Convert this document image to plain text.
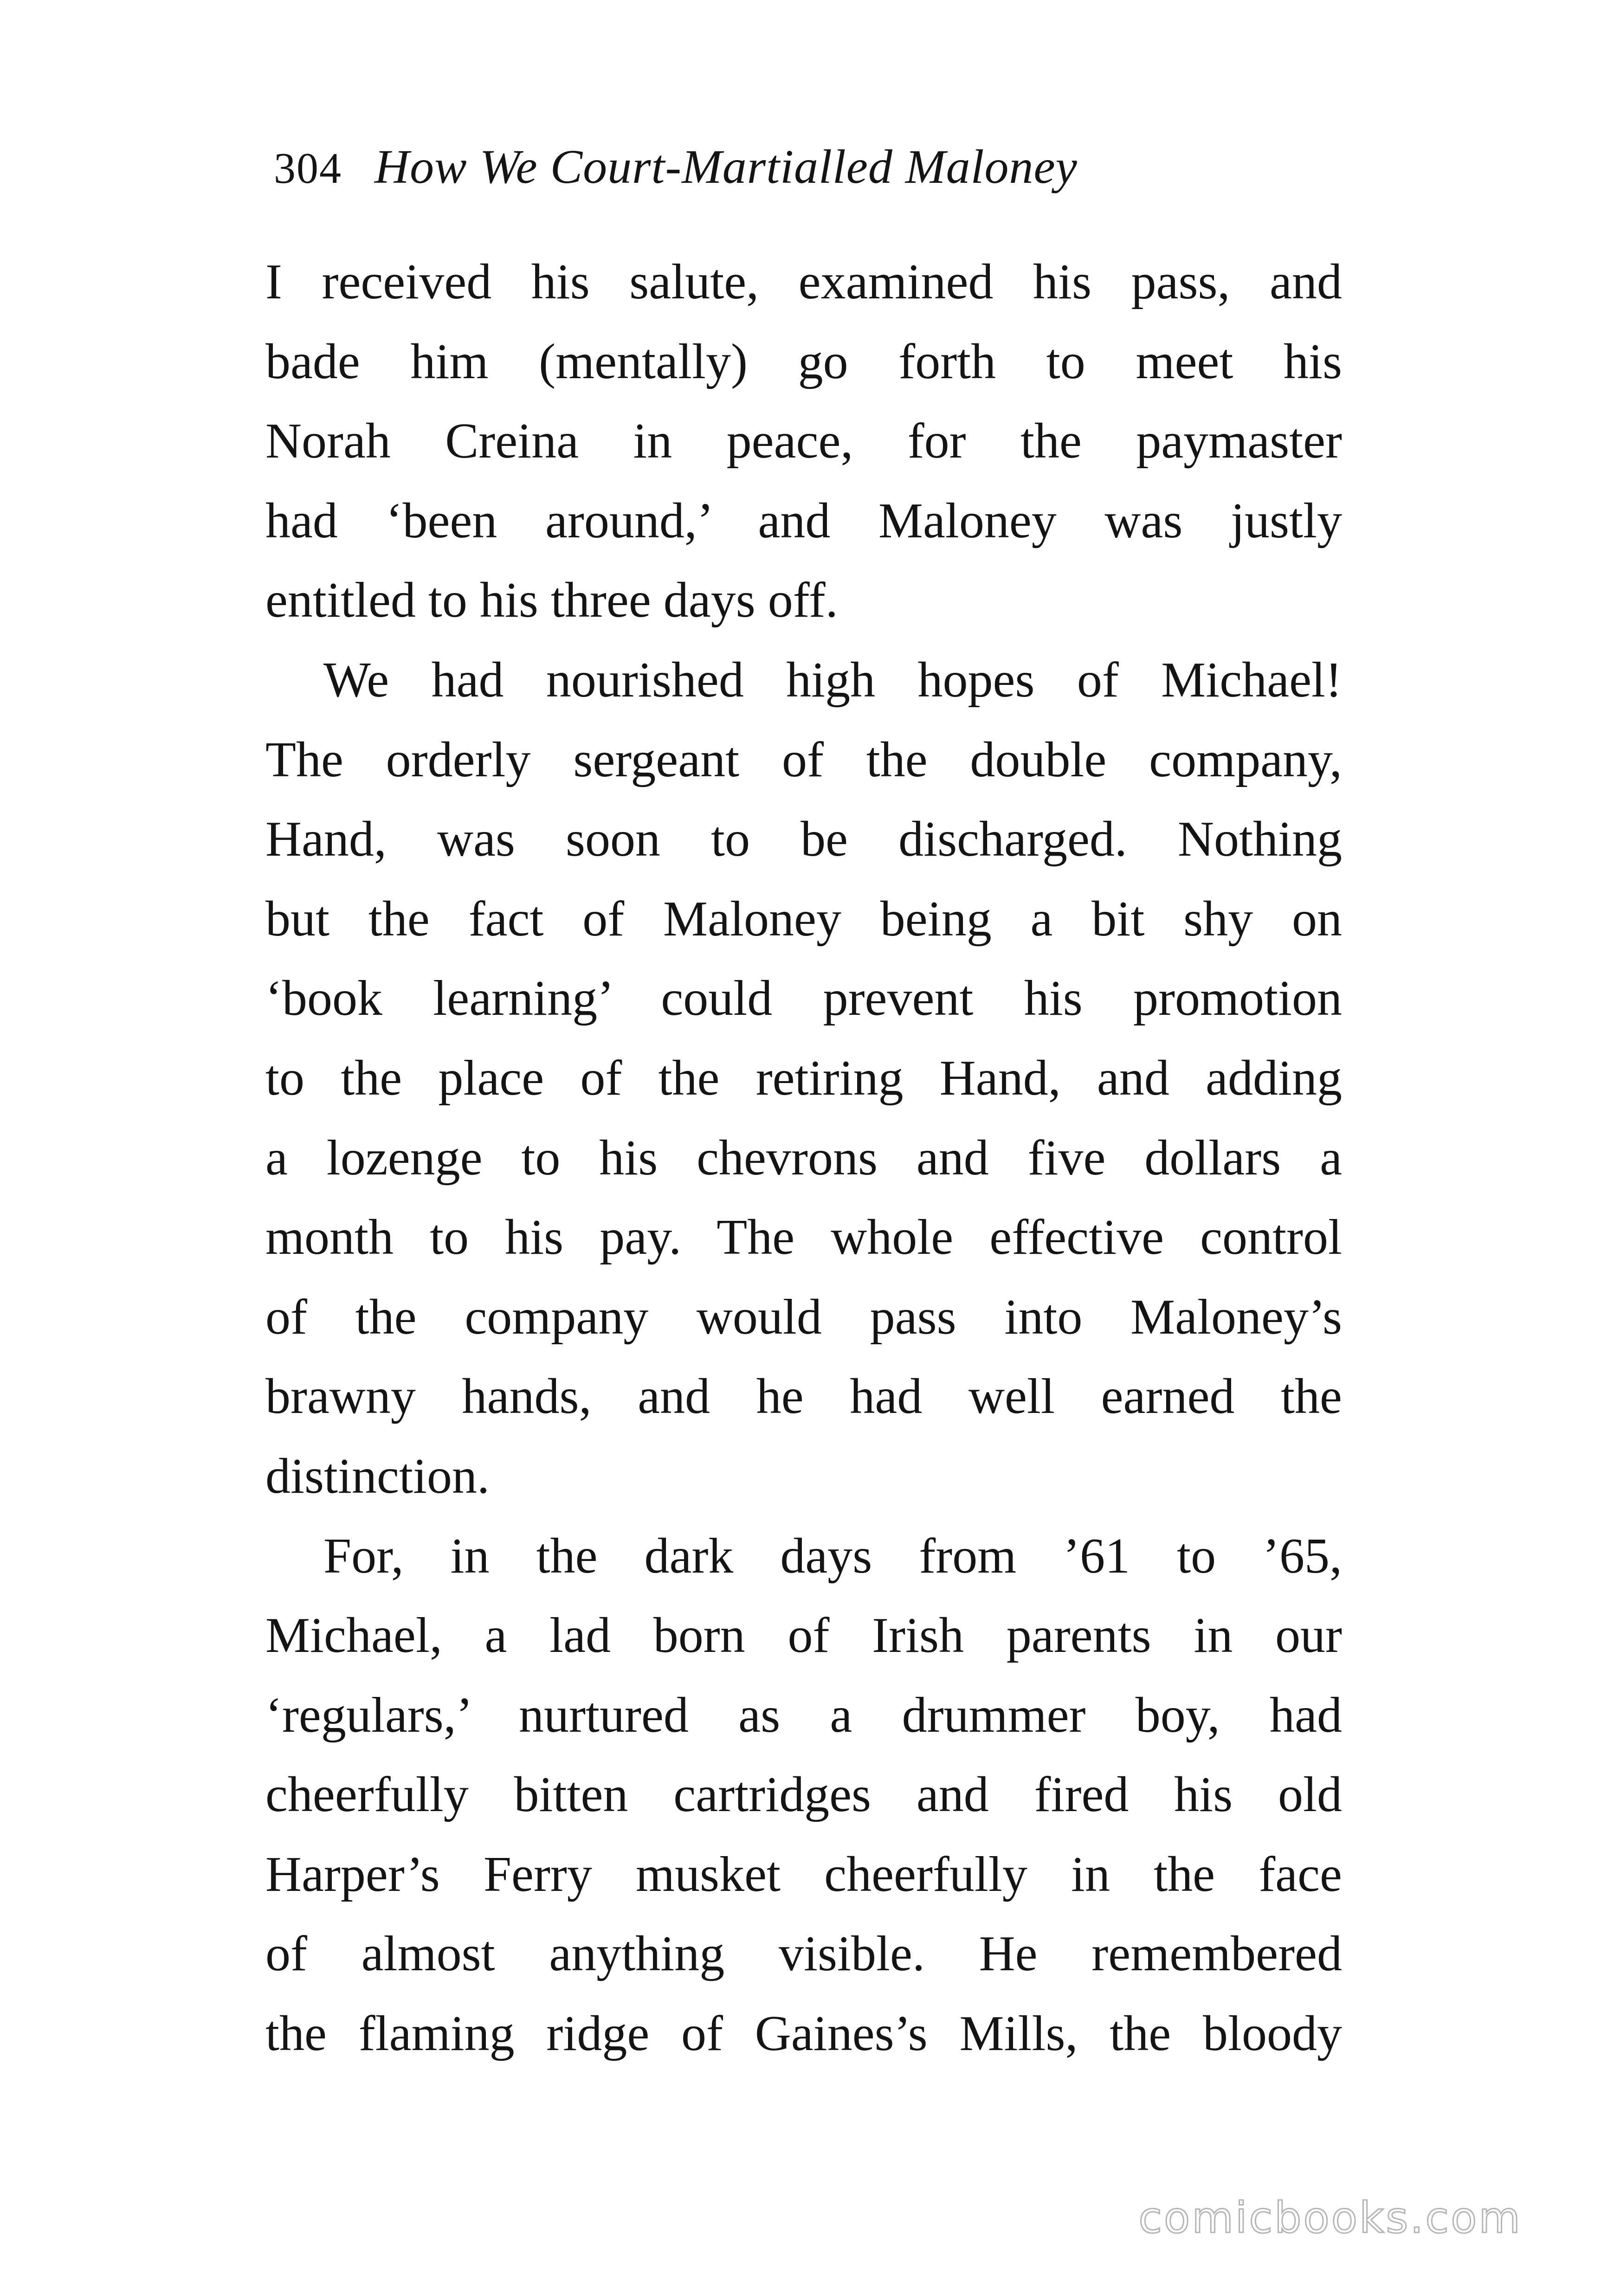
304 How We Court-Martialled Maloney
I received his salute, examined his pass, and
bade him (mentally) go forth to meet his
Norah Creina in peace, for the paymaster
had ‘been around,’ and Maloney was justly
entitled to his three days off.
We had nourished high hopes of Michael!
The orderly sergeant of the double company,
Hand, was soon to be discharged. Nothing
but the fact of Maloney being a bit shy on
‘book learning’ could prevent his promotion
to the place of the retiring Hand, and adding
a lozenge to his chevrons and five dollars a
month to his pay. The whole effective control
of the company would pass into Maloney’s
brawny hands, and he had well earned the
distinction.
For, in the dark days from ’61 to ’65,
Michael, a lad born of Irish parents in our
‘regulars,’ nurtured as a drummer boy, had
cheerfully bitten cartridges and fired his old
Harper’s Ferry musket cheerfully in the face
of almost anything visible. He remembered
the flaming ridge of Gaines’s Mills, the bloody
comicbooks.com
